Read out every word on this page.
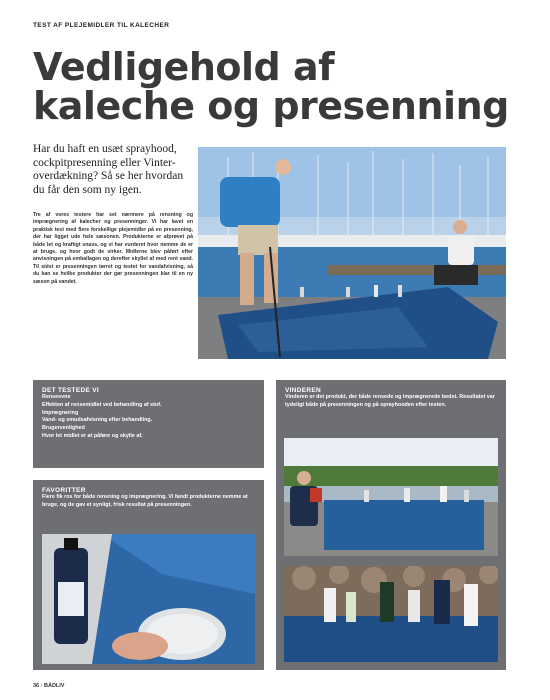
TEST AF PLEJEMIDLER TIL KALECHER
Vedligehold af
kaleche og presenning
Har du haft en usæt sprayhood, cockpitpresenning eller Vinter-overdækning? Så se her hvordan du får den som ny igen.
Tre af vores testere har set nærmere på rensning og imprægnering af kalecher og presenninger. Vi har lavet en praktisk test med flere forskellige plejemidler på en presenning, der har ligget ude hele sæsonen. Produkterne er afprøvet på både let og kraftigt snavs, og vi har vurderet hvor nemme de er at bruge, og hvor godt de virker. Midlerne blev påført efter anvisningen på emballagen og derefter skyllet af med rent vand. Til sidst er presenningen tørret og testet for vandafvisning, så du kan se hvilke produkter der gør presenningen klar til en ny sæson på vandet.
DET TESTEDE VI

Renseevne

Effekten af rensemidlet ved behandling af stof.

Imprægnering

Vand- og smudsafvisning efter behandling.

Brugervenlighed

Hvor let midlet er at påføre og skylle af.

FAVORITTER

Flere fik ros for både rensning og imprægnering. Vi fandt produkterne nemme at bruge, og de gav et synligt, frisk resultat på presenningen.

VINDEREN

Vinderen er det produkt, der både rensede og imprægnerede bedst. Resultatet var tydeligt både på presenningen og på sprayhooden efter testen.

36 · BÅDLIV
